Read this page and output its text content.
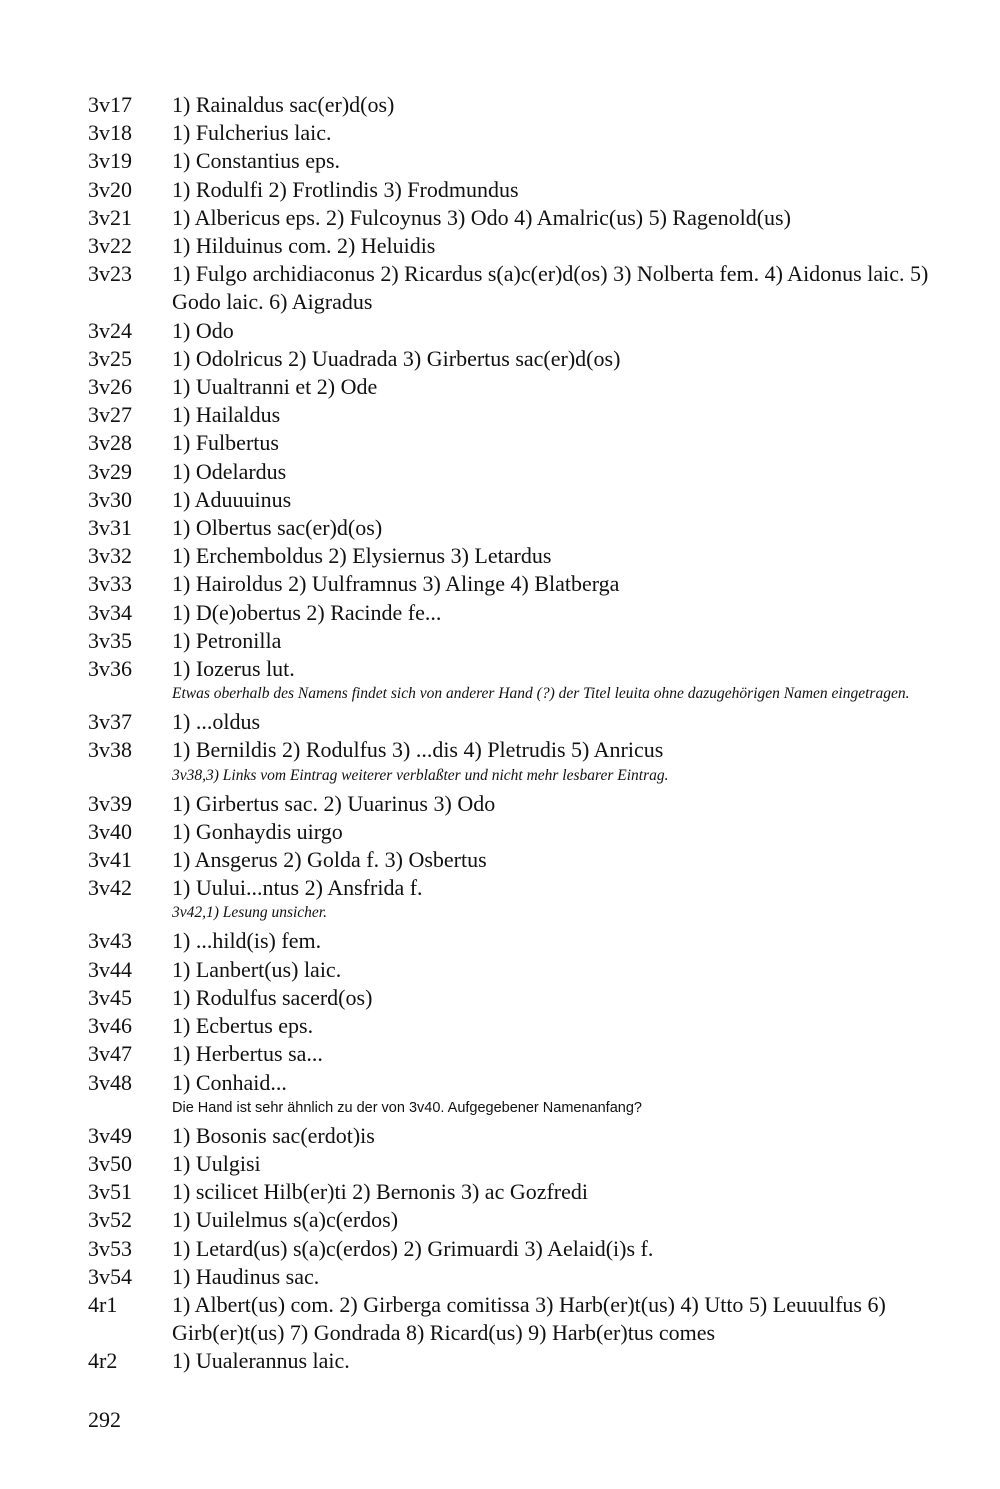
3v17	1) Rainaldus sac(er)d(os)
3v18	1) Fulcherius laic.
3v19	1) Constantius eps.
3v20	1) Rodulfi 2) Frotlindis 3) Frodmundus
3v21	1) Albericus eps. 2) Fulcoynus 3) Odo 4) Amalric(us) 5) Ragenold(us)
3v22	1) Hilduinus com. 2) Heluidis
3v23	1) Fulgo archidiaconus 2) Ricardus s(a)c(er)d(os) 3) Nolberta fem. 4) Aidonus laic. 5) Godo laic. 6) Aigradus
3v24	1) Odo
3v25	1) Odolricus 2) Uuadrada 3) Girbertus sac(er)d(os)
3v26	1) Uualtranni et 2) Ode
3v27	1) Hailaldus
3v28	1) Fulbertus
3v29	1) Odelardus
3v30	1) Aduuuinus
3v31	1) Olbertus sac(er)d(os)
3v32	1) Erchemboldus 2) Elysiernus 3) Letardus
3v33	1) Hairoldus 2) Uulframnus 3) Alinge 4) Blatberga
3v34	1) D(e)obertus 2) Racinde fe...
3v35	1) Petronilla
3v36	1) Iozerus lut.
Etwas oberhalb des Namens findet sich von anderer Hand (?) der Titel leuita ohne dazugehörigen Namen eingetragen.
3v37	1) ...oldus
3v38	1) Bernildis 2) Rodulfus 3) ...dis 4) Pletrudis 5) Anricus
3v38,3) Links vom Eintrag weiterer verblaßter und nicht mehr lesbarer Eintrag.
3v39	1) Girbertus sac. 2) Uuarinus 3) Odo
3v40	1) Gonhaydis uirgo
3v41	1) Ansgerus 2) Golda f. 3) Osbertus
3v42	1) Uului...ntus 2) Ansfrida f.
3v42,1) Lesung unsicher.
3v43	1) ...hild(is) fem.
3v44	1) Lanbert(us) laic.
3v45	1) Rodulfus sacerd(os)
3v46	1) Ecbertus eps.
3v47	1) Herbertus sa...
3v48	1) Conhaid...
Die Hand ist sehr ähnlich zu der von 3v40. Aufgegebener Namenanfang?
3v49	1) Bosonis sac(erdot)is
3v50	1) Uulgisi
3v51	1) scilicet Hilb(er)ti 2) Bernonis 3) ac Gozfredi
3v52	1) Uuilelmus s(a)c(erdos)
3v53	1) Letard(us) s(a)c(erdos) 2) Grimuardi 3) Aelaid(i)s f.
3v54	1) Haudinus sac.
4r1	1) Albert(us) com. 2) Girberga comitissa 3) Harb(er)t(us) 4) Utto 5) Leuuulfus 6) Girb(er)t(us) 7) Gondrada 8) Ricard(us) 9) Harb(er)tus comes
4r2	1) Uualerannus laic.
292
